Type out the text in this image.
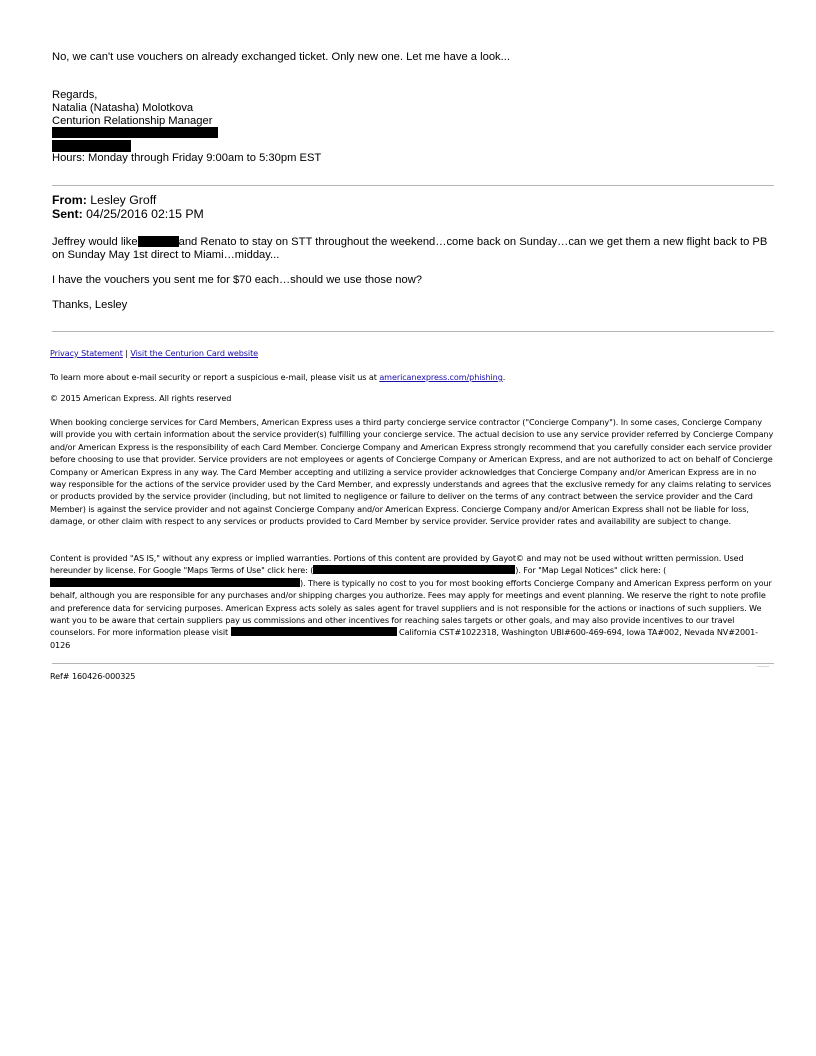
No, we can't use vouchers on already exchanged ticket. Only new one. Let me have a look...
Regards,
Natalia (Natasha) Molotkova
Centurion Relationship Manager
Hours: Monday through Friday 9:00am to 5:30pm EST
From: Lesley Groff
Sent: 04/25/2016 02:15 PM
Jeffrey would like	and Renato to stay on STT throughout the weekend…come back on Sunday…can we get them a new flight back to PB on Sunday May 1st direct to Miami…midday...
I have the vouchers you sent me for $70 each…should we use those now?
Thanks, Lesley
Privacy Statement | Visit the Centurion Card website
To learn more about e-mail security or report a suspicious e-mail, please visit us at americanexpress.com/phishing.
© 2015 American Express. All rights reserved
When booking concierge services for Card Members, American Express uses a third party concierge service contractor ("Concierge Company"). In some cases, Concierge Company will provide you with certain information about the service provider(s) fulfilling your concierge service. The actual decision to use any service provider referred by Concierge Company and/or American Express is the responsibility of each Card Member. Concierge Company and American Express strongly recommend that you carefully consider each service provider before choosing to use that provider. Service providers are not employees or agents of Concierge Company or American Express, and are not authorized to act on behalf of Concierge Company or American Express in any way. The Card Member accepting and utilizing a service provider acknowledges that Concierge Company and/or American Express are in no way responsible for the actions of the service provider used by the Card Member, and expressly understands and agrees that the exclusive remedy for any claims relating to services or products provided by the service provider (including, but not limited to negligence or failure to deliver on the terms of any contract between the service provider and the Card Member) is against the service provider and not against Concierge Company and/or American Express. Concierge Company and/or American Express shall not be liable for loss, damage, or other claim with respect to any services or products provided to Card Member by service provider. Service provider rates and availability are subject to change.
Content is provided "AS IS," without any express or implied warranties. Portions of this content are provided by Gayot© and may not be used without written permission. Used hereunder by license. For Google "Maps Terms of Use" click here: (	). For "Map Legal Notices" click here: (). There is typically no cost to you for most booking efforts Concierge Company and American Express perform on your behalf, although you are responsible for any purchases and/or shipping charges you authorize. Fees may apply for meetings and event planning. We reserve the right to note profile and preference data for servicing purposes. American Express acts solely as sales agent for travel suppliers and is not responsible for the actions or inactions of such suppliers. We want you to be aware that certain suppliers pay us commissions and other incentives for reaching sales targets or other goals, and may also provide incentives to our travel counselors. For more information please visit	California CST#1022318, Washington UBI#600-469-694, Iowa TA#002, Nevada NV#2001-0126
Ref# 160426-000325
